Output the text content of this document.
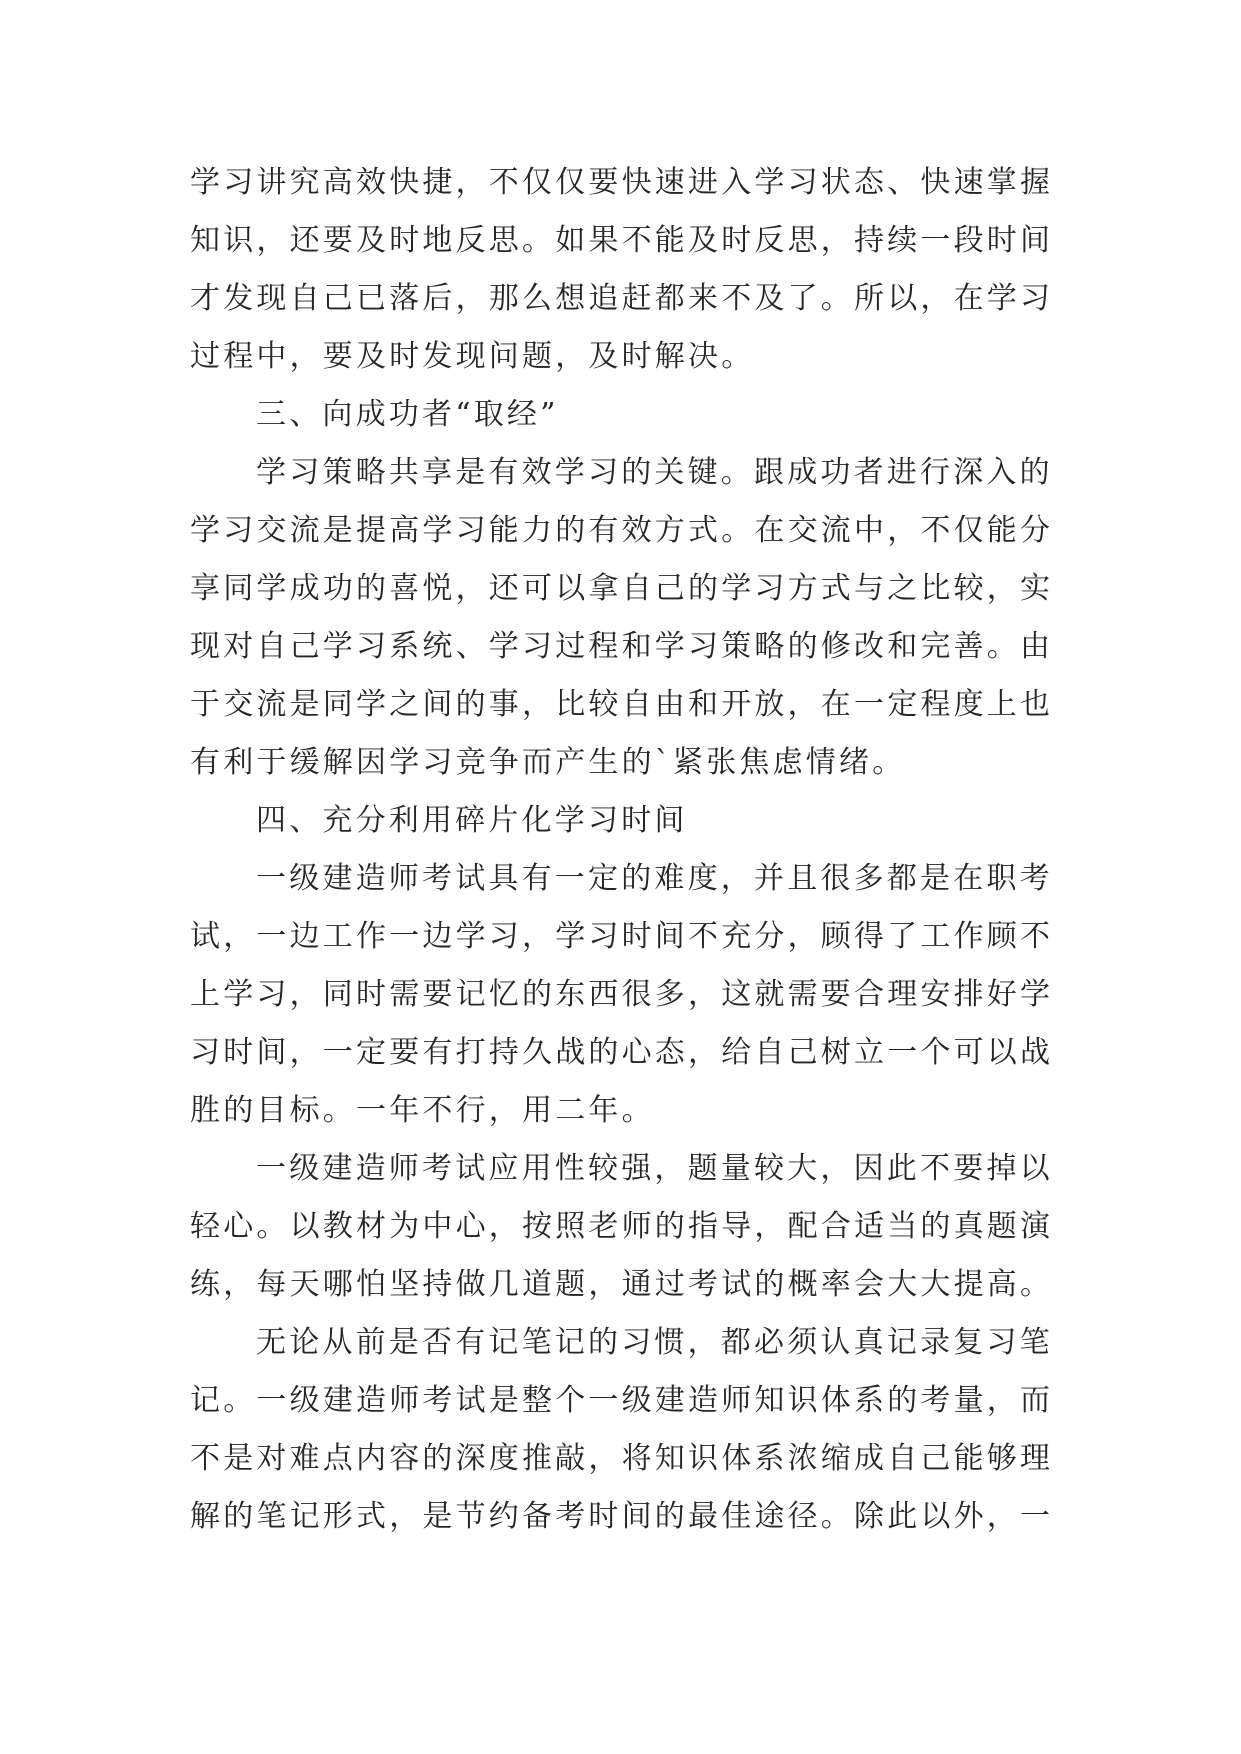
学习讲究高效快捷，不仅仅要快速进入学习状态、快速掌握
知识，还要及时地反思。如果不能及时反思，持续一段时间
才发现自己已落后，那么想追赶都来不及了。所以，在学习
过程中，要及时发现问题，及时解决。
三、向成功者“取经”
学习策略共享是有效学习的关键。跟成功者进行深入的
学习交流是提高学习能力的有效方式。在交流中，不仅能分
享同学成功的喜悦，还可以拿自己的学习方式与之比较，实
现对自己学习系统、学习过程和学习策略的修改和完善。由
于交流是同学之间的事，比较自由和开放，在一定程度上也
有利于缓解因学习竞争而产生的`紧张焦虑情绪。
四、充分利用碎片化学习时间
一级建造师考试具有一定的难度，并且很多都是在职考
试，一边工作一边学习，学习时间不充分，顾得了工作顾不
上学习，同时需要记忆的东西很多，这就需要合理安排好学
习时间，一定要有打持久战的心态，给自己树立一个可以战
胜的目标。一年不行，用二年。
一级建造师考试应用性较强，题量较大，因此不要掉以
轻心。以教材为中心，按照老师的指导，配合适当的真题演
练，每天哪怕坚持做几道题，通过考试的概率会大大提高。
无论从前是否有记笔记的习惯，都必须认真记录复习笔
记。一级建造师考试是整个一级建造师知识体系的考量，而
不是对难点内容的深度推敲，将知识体系浓缩成自己能够理
解的笔记形式，是节约备考时间的最佳途径。除此以外，一
